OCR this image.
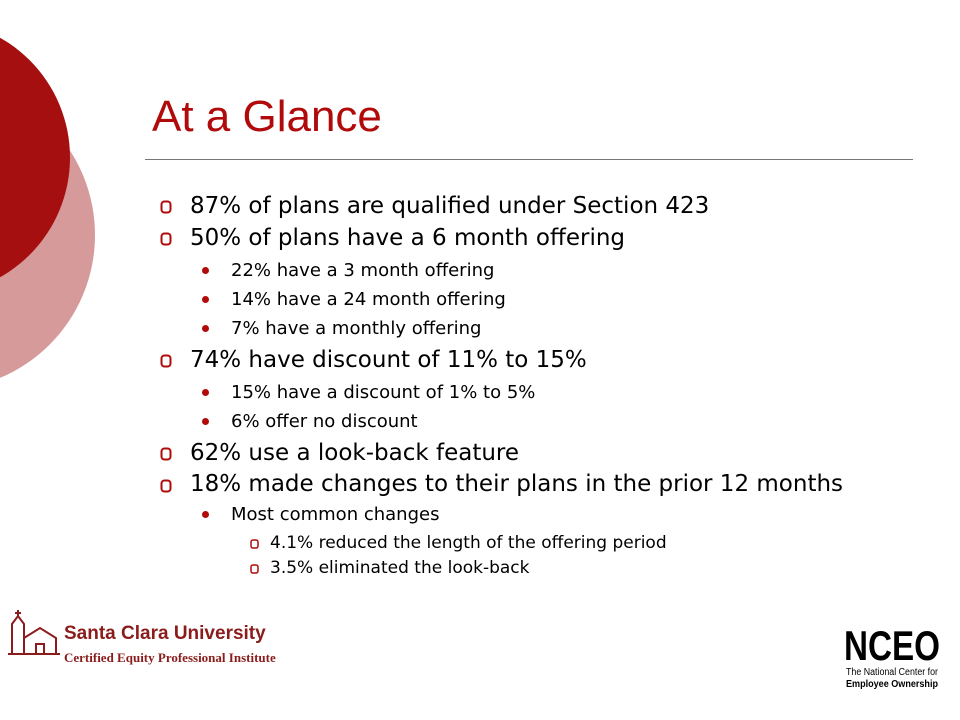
At a Glance
87% of plans are qualified under Section 423
50% of plans have a 6 month offering
22% have a 3 month offering
14% have a 24 month offering
7% have a monthly offering
74% have discount of 11% to 15%
15% have a discount of 1% to 5%
6% offer no discount
62% use a look-back feature
18% made changes to their plans in the prior 12 months
Most common changes
4.1% reduced the length of the offering period
3.5% eliminated the look-back
Santa Clara University
Certified Equity Professional Institute	NCEO
The National Center for
Employee Ownership
